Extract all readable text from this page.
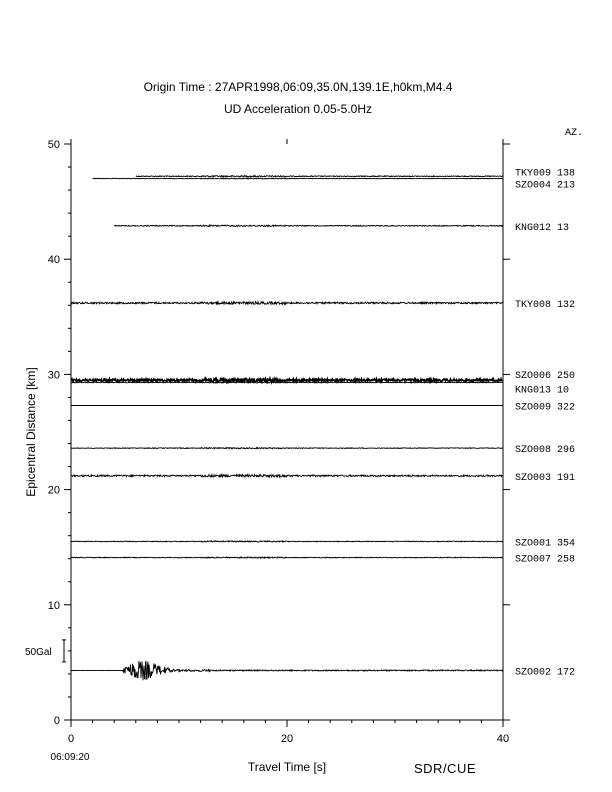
Origin Time : 27APR1998,06:09,35.0N,139.1E,h0km,M4.4
UD Acceleration 0.05-5.0Hz
0
10
20
30
40
50
0	20	40
50Gal
TKY009 138
SZO004 213
KNG012 13
TKY008 132
SZO006 250
KNG013 10
SZO009 322
SZO008 296
SZO003 191
SZO001 354
SZO007 258
SZO002 172
Travel Time [s]
Epicentral Distance [km]
06:09:20
AZ.
SDR/CUE
